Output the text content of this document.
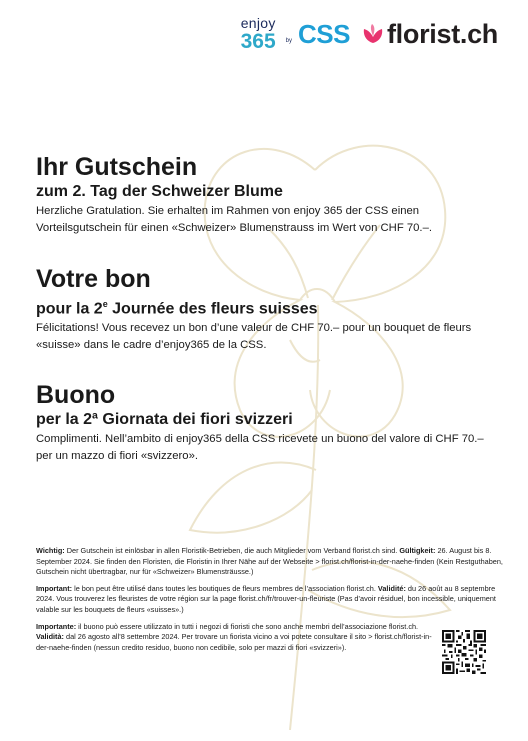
enjoy
365 by CSS florist.ch
Ihr Gutschein
zum 2. Tag der Schweizer Blume

Herzliche Gratulation. Sie erhalten im Rahmen von enjoy 365 der CSS einen Vorteilsgutschein für einen «Schweizer» Blumenstrauss im Wert von CHF 70.–.

Votre bon
pour la 2e Journée des fleurs suisses

Félicitations! Vous recevez un bon d’une valeur de CHF 70.– pour un bouquet de fleurs «suisse» dans le cadre d’enjoy365 de la CSS.

Buono
per la 2ª Giornata dei fiori svizzeri

Complimenti. Nell’ambito di enjoy365 della CSS ricevete un buono del valore di CHF 70.– per un mazzo di fiori «svizzero».

Wichtig: Der Gutschein ist einlösbar in allen Floristik-Betrieben, die auch Mitglieder vom Verband florist.ch sind. Gültigkeit: 26. August bis 8. September 2024. Sie finden den Floristen, die Floristin in Ihrer Nähe auf der Webseite > florist.ch/florist-in-der-naehe-finden (Kein Restguthaben, Gutschein nicht übertragbar, nur für «Schweizer» Blumensträusse.)

Important: le bon peut être utilisé dans toutes les boutiques de fleurs membres de l’association florist.ch. Validité: du 26 août au 8 septembre 2024. Vous trouverez les fleuristes de votre région sur la page florist.ch/fr/trouver-un-fleuriste (Pas d’avoir résiduel, bon incessible, uniquement valable sur les bouquets de fleurs «suisses».)

Importante: il buono può essere utilizzato in tutti i negozi di fioristi che sono anche membri dell’associazione florist.ch. Validità: dal 26 agosto all’8 settembre 2024. Per trovare un fiorista vicino a voi potete consultare il sito > florist.ch/florist-in-der-naehe-finden (nessun credito residuo, buono non cedibile, solo per mazzi di fiori «svizzeri»).
